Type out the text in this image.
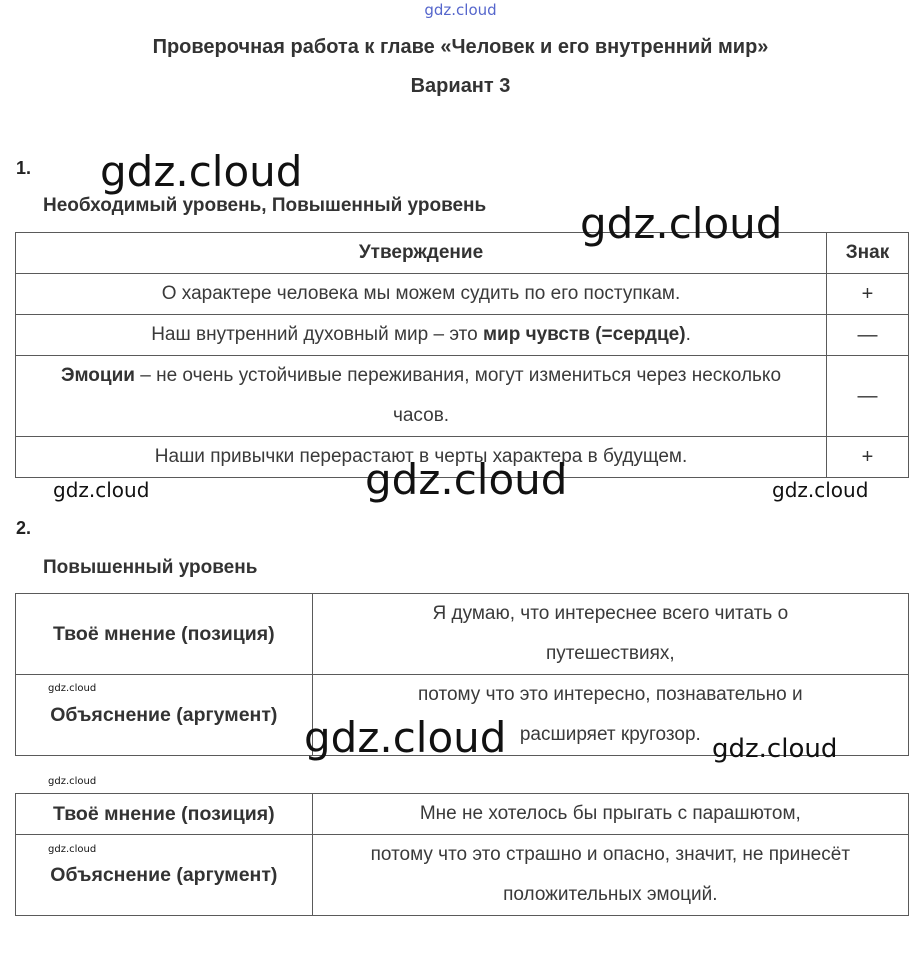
gdz.cloud
Проверочная работа к главе «Человек и его внутренний мир»
Вариант 3
1.
Необходимый уровень, Повышенный уровень
Утверждение	Знак
О характере человека мы можем судить по его поступкам.	+
Наш внутренний духовный мир – это мир чувств (=сердце).	—
Эмоции – не очень устойчивые переживания, могут измениться через несколько часов.	—
Наши привычки перерастают в черты характера в будущем.	+
2.
Повышенный уровень
Твоё мнение (позиция)	Я думаю, что интереснее всего читать о путешествиях,
Объяснение (аргумент)	потому что это интересно, познавательно и расширяет кругозор.
Твоё мнение (позиция)	Мне не хотелось бы прыгать с парашютом,
Объяснение (аргумент)	потому что это страшно и опасно, значит, не принесёт положительных эмоций.
gdz.cloud
gdz.cloud
gdz.cloud
gdz.cloud	gdz.cloud
gdz.cloud
gdz.cloud	gdz.cloud
gdz.cloud
gdz.cloud
